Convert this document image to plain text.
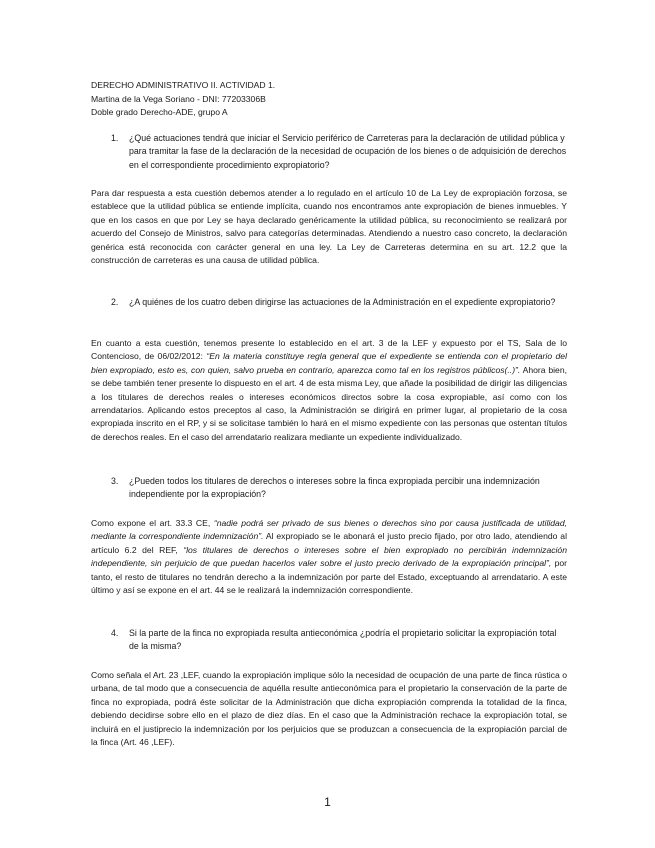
DERECHO ADMINISTRATIVO II. ACTIVIDAD 1.
Martina de la Vega Soriano - DNI: 77203306B
Doble grado Derecho-ADE, grupo A
1. ¿Qué actuaciones tendrá que iniciar el Servicio periférico de Carreteras para la declaración de utilidad pública y para tramitar la fase de la declaración de la necesidad de ocupación de los bienes o de adquisición de derechos en el correspondiente procedimiento expropiatorio?
Para dar respuesta a esta cuestión debemos atender a lo regulado en el artículo 10 de La Ley de expropiación forzosa, se establece que la utilidad pública se entiende implícita, cuando nos encontramos ante expropiación de bienes inmuebles. Y que en los casos en que por Ley se haya declarado genéricamente la utilidad pública, su reconocimiento se realizará por acuerdo del Consejo de Ministros, salvo para categorías determinadas. Atendiendo a nuestro caso concreto, la declaración genérica está reconocida con carácter general en una ley. La Ley de Carreteras determina en su art. 12.2 que la construcción de carreteras es una causa de utilidad pública.
2. ¿A quiénes de los cuatro deben dirigirse las actuaciones de la Administración en el expediente expropiatorio?
En cuanto a esta cuestión, tenemos presente lo establecido en el art. 3 de la LEF y expuesto por el TS, Sala de lo Contencioso, de 06/02/2012: “En la materia constituye regla general que el expediente se entienda con el propietario del bien expropiado, esto es, con quien, salvo prueba en contrario, aparezca como tal en los registros públicos(..)”. Ahora bien, se debe también tener presente lo dispuesto en el art. 4 de esta misma Ley, que añade la posibilidad de dirigir las diligencias a los titulares de derechos reales o intereses económicos directos sobre la cosa expropiable, así como con los arrendatarios. Aplicando estos preceptos al caso, la Administración se dirigirá en primer lugar, al propietario de la cosa expropiada inscrito en el RP, y si se solicitase también lo hará en el mismo expediente con las personas que ostentan títulos de derechos reales. En el caso del arrendatario realizara mediante un expediente individualizado.
3. ¿Pueden todos los titulares de derechos o intereses sobre la finca expropiada percibir una indemnización independiente por la expropiación?
Como expone el art. 33.3 CE, “nadie podrá ser privado de sus bienes o derechos sino por causa justificada de utilidad, mediante la correspondiente indemnización”. Al expropiado se le abonará el justo precio fijado, por otro lado, atendiendo al artículo 6.2 del REF, “los titulares de derechos o intereses sobre el bien expropiado no percibirán indemnización independiente, sin perjuicio de que puedan hacerlos valer sobre el justo precio derivado de la expropiación principal”, por tanto, el resto de titulares no tendrán derecho a la indemnización por parte del Estado, exceptuando al arrendatario. A este último y así se expone en el art. 44 se le realizará la indemnización correspondiente.
4. Si la parte de la finca no expropiada resulta antieconómica ¿podría el propietario solicitar la expropiación total de la misma?
Como señala el Art. 23 ,LEF, cuando la expropiación implique sólo la necesidad de ocupación de una parte de finca rústica o urbana, de tal modo que a consecuencia de aquélla resulte antieconómica para el propietario la conservación de la parte de finca no expropiada, podrá éste solicitar de la Administración que dicha expropiación comprenda la totalidad de la finca, debiendo decidirse sobre ello en el plazo de diez días. En el caso que la Administración rechace la expropiación total, se incluirá en el justiprecio la indemnización por los perjuicios que se produzcan a consecuencia de la expropiación parcial de la finca (Art. 46 ,LEF).
1
